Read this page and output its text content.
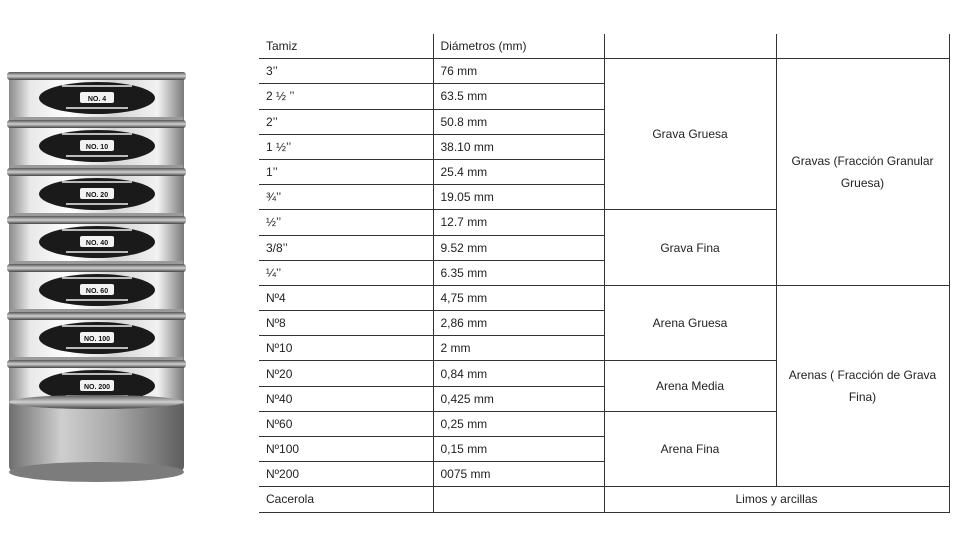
NO. 4
NO. 10
NO. 20
NO. 40
NO. 60
NO. 100
NO. 200
Tamiz	Diámetros (mm)		
3’’	76 mm	Grava Gruesa	Gravas (Fracción Granular Gruesa)
2 ½ ’’	63.5 mm		
2’’	50.8 mm		
1 ½’’	38.10 mm		
1’’	25.4 mm		
¾’’	19.05 mm		
½’’	12.7 mm	Grava Fina	
3/8’’	9.52 mm		
¼’’	6.35 mm		
Nº4	4,75 mm	Arena Gruesa	Arenas ( Fracción de Grava Fina)
Nº8	2,86 mm		
Nº10	2 mm		
Nº20	0,84 mm	Arena Media	
Nº40	0,425 mm		
Nº60	0,25 mm	Arena Fina	
Nº100	0,15 mm		
Nº200	0075 mm		
Cacerola		Limos y arcillas	
